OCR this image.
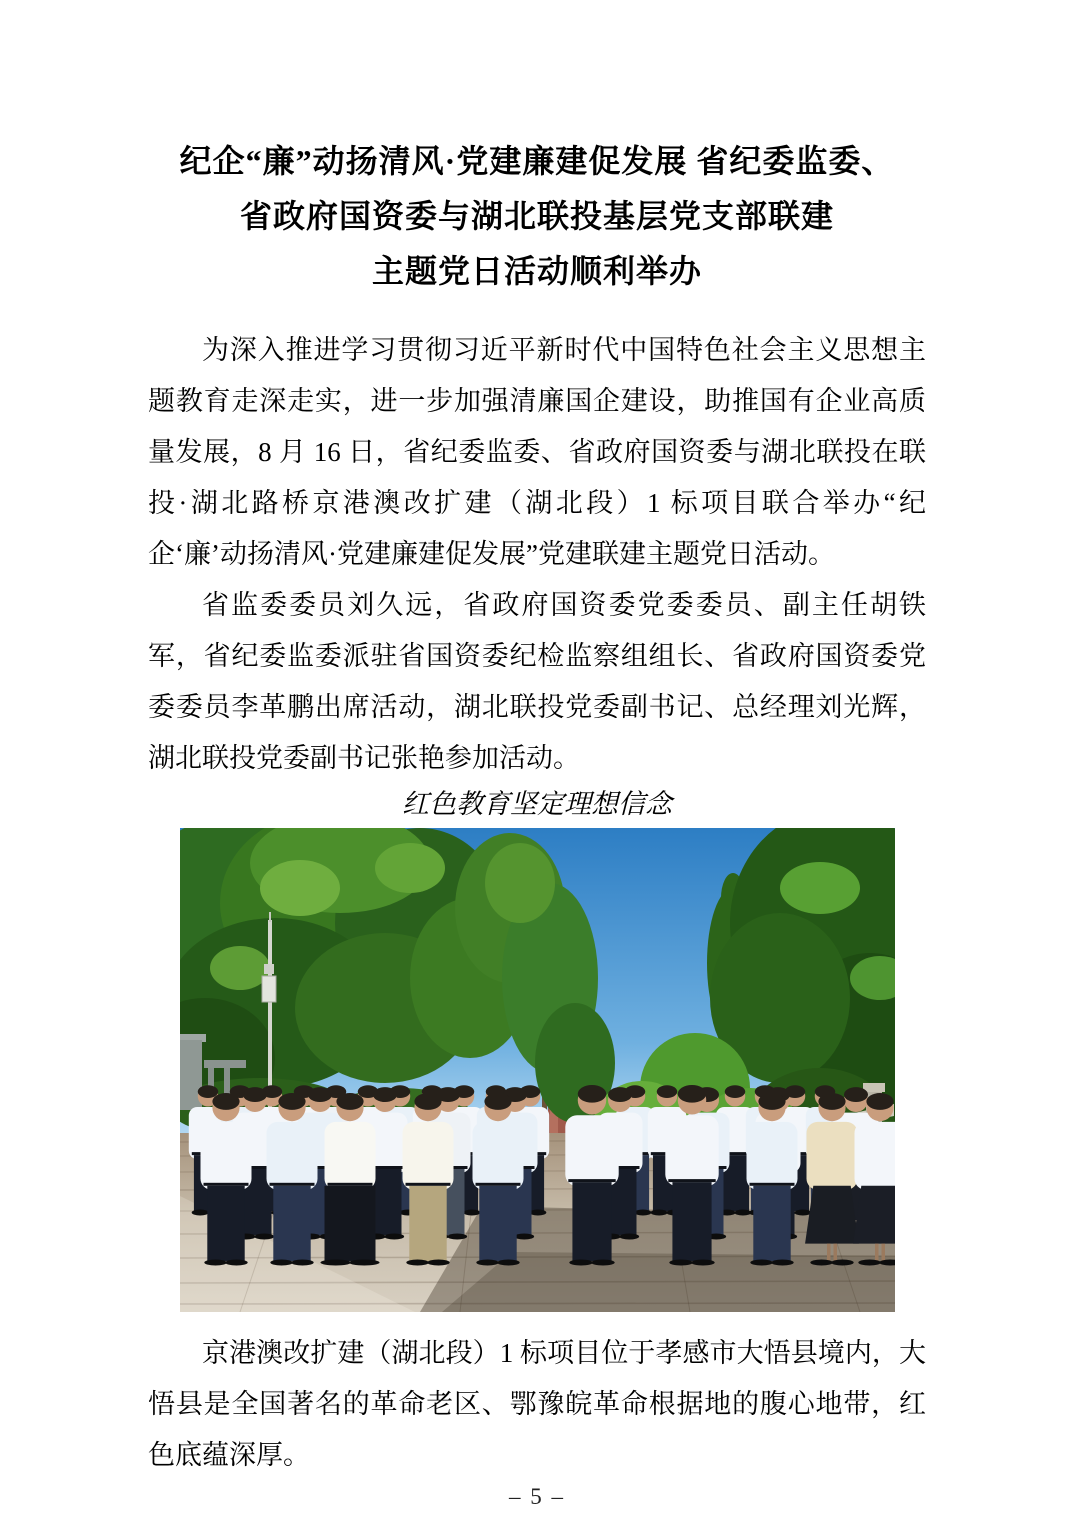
纪企“廉”动扬清风·党建廉建促发展 省纪委监委、
省政府国资委与湖北联投基层党支部联建
主题党日活动顺利举办

为深入推进学习贯彻习近平新时代中国特色社会主义思想主题教育走深走实，进一步加强清廉国企建设，助推国有企业高质量发展，8 月 16 日，省纪委监委、省政府国资委与湖北联投在联投·湖北路桥京港澳改扩建（湖北段）1 标项目联合举办“纪企‘廉’动扬清风·党建廉建促发展”党建联建主题党日活动。

省监委委员刘久远，省政府国资委党委委员、副主任胡铁军，省纪委监委派驻省国资委纪检监察组组长、省政府国资委党委委员李革鹏出席活动，湖北联投党委副书记、总经理刘光辉，湖北联投党委副书记张艳参加活动。

红色教育坚定理想信念

京港澳改扩建（湖北段）1 标项目位于孝感市大悟县境内，大悟县是全国著名的革命老区、鄂豫皖革命根据地的腹心地带，红色底蕴深厚。

– 5 –
